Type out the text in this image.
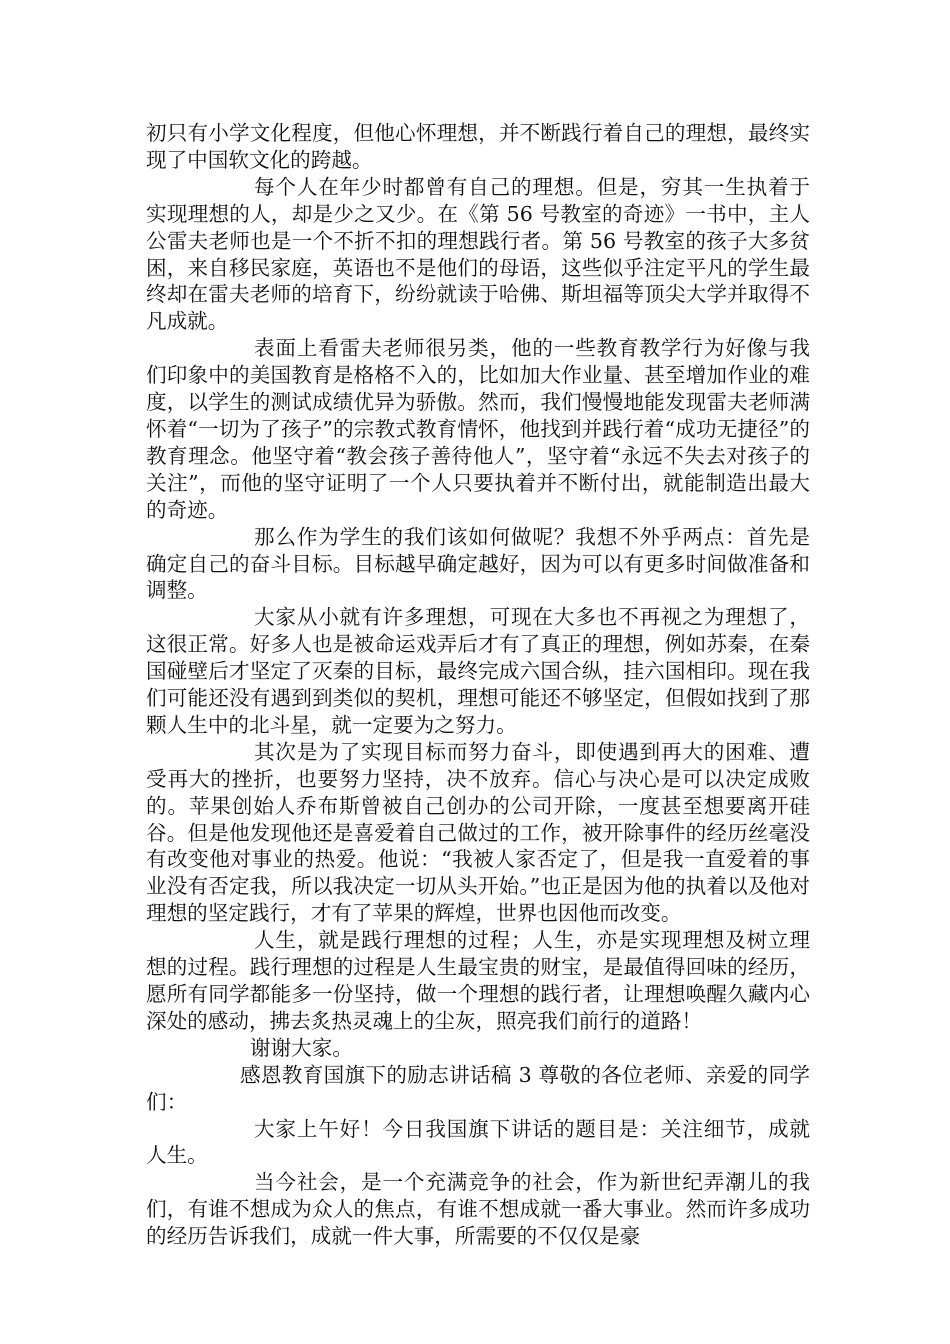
初只有小学文化程度，但他心怀理想，并不断践行着自己的理想，最终实现了中国软文化的跨越。

每个人在年少时都曾有自己的理想。但是，穷其一生执着于实现理想的人，却是少之又少。在《第 56 号教室的奇迹》一书中，主人公雷夫老师也是一个不折不扣的理想践行者。第 56 号教室的孩子大多贫困，来自移民家庭，英语也不是他们的母语，这些似乎注定平凡的学生最终却在雷夫老师的培育下，纷纷就读于哈佛、斯坦福等顶尖大学并取得不凡成就。

表面上看雷夫老师很另类，他的一些教育教学行为好像与我们印象中的美国教育是格格不入的，比如加大作业量、甚至增加作业的难度，以学生的测试成绩优异为骄傲。然而，我们慢慢地能发现雷夫老师满怀着“一切为了孩子”的宗教式教育情怀，他找到并践行着“成功无捷径”的教育理念。他坚守着“教会孩子善待他人”，坚守着“永远不失去对孩子的关注”，而他的坚守证明了一个人只要执着并不断付出，就能制造出最大的奇迹。

那么作为学生的我们该如何做呢？我想不外乎两点：首先是确定自己的奋斗目标。目标越早确定越好，因为可以有更多时间做准备和调整。

大家从小就有许多理想，可现在大多也不再视之为理想了，这很正常。好多人也是被命运戏弄后才有了真正的理想，例如苏秦，在秦国碰壁后才坚定了灭秦的目标，最终完成六国合纵，挂六国相印。现在我们可能还没有遇到到类似的契机，理想可能还不够坚定，但假如找到了那颗人生中的北斗星，就一定要为之努力。

其次是为了实现目标而努力奋斗，即使遇到再大的困难、遭受再大的挫折，也要努力坚持，决不放弃。信心与决心是可以决定成败的。苹果创始人乔布斯曾被自己创办的公司开除，一度甚至想要离开硅谷。但是他发现他还是喜爱着自己做过的工作，被开除事件的经历丝毫没有改变他对事业的热爱。他说：“我被人家否定了，但是我一直爱着的事业没有否定我，所以我决定一切从头开始。”也正是因为他的执着以及他对理想的坚定践行，才有了苹果的辉煌，世界也因他而改变。

人生，就是践行理想的过程；人生，亦是实现理想及树立理想的过程。践行理想的过程是人生最宝贵的财宝，是最值得回味的经历，愿所有同学都能多一份坚持，做一个理想的践行者，让理想唤醒久藏内心深处的感动，拂去炙热灵魂上的尘灰，照亮我们前行的道路！

谢谢大家。

感恩教育国旗下的励志讲话稿 3 尊敬的各位老师、亲爱的同学们：

大家上午好！今日我国旗下讲话的题目是：关注细节，成就人生。

当今社会，是一个充满竞争的社会，作为新世纪弄潮儿的我们，有谁不想成为众人的焦点，有谁不想成就一番大事业。然而许多成功的经历告诉我们，成就一件大事，所需要的不仅仅是豪
